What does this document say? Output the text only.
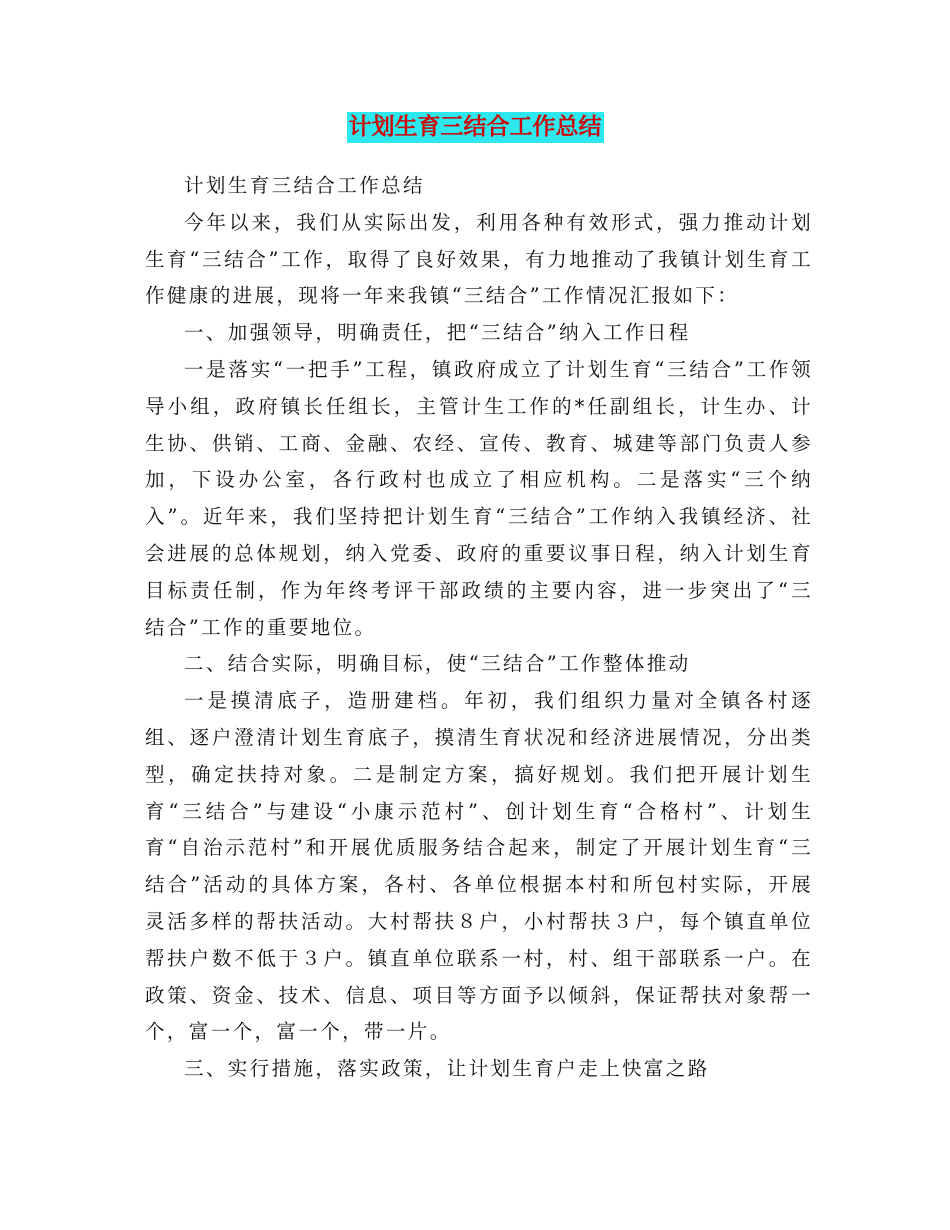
计划生育三结合工作总结

计划生育三结合工作总结

今年以来，我们从实际出发，利用各种有效形式，强力推动计划生育“三结合”工作，取得了良好效果，有力地推动了我镇计划生育工作健康的进展，现将一年来我镇“三结合”工作情况汇报如下：

一、加强领导，明确责任，把“三结合”纳入工作日程

一是落实“一把手”工程，镇政府成立了计划生育“三结合”工作领导小组，政府镇长任组长，主管计生工作的*任副组长，计生办、计生协、供销、工商、金融、农经、宣传、教育、城建等部门负责人参加，下设办公室，各行政村也成立了相应机构。二是落实“三个纳入”。近年来，我们坚持把计划生育“三结合”工作纳入我镇经济、社会进展的总体规划，纳入党委、政府的重要议事日程，纳入计划生育目标责任制，作为年终考评干部政绩的主要内容，进一步突出了“三结合”工作的重要地位。

二、结合实际，明确目标，使“三结合”工作整体推动

一是摸清底子，造册建档。年初，我们组织力量对全镇各村逐组、逐户澄清计划生育底子，摸清生育状况和经济进展情况，分出类型，确定扶持对象。二是制定方案，搞好规划。我们把开展计划生育“三结合”与建设“小康示范村”、创计划生育“合格村”、计划生育“自治示范村”和开展优质服务结合起来，制定了开展计划生育“三结合”活动的具体方案，各村、各单位根据本村和所包村实际，开展灵活多样的帮扶活动。大村帮扶８户，小村帮扶３户，每个镇直单位帮扶户数不低于３户。镇直单位联系一村，村、组干部联系一户。在政策、资金、技术、信息、项目等方面予以倾斜，保证帮扶对象帮一个，富一个，富一个，带一片。

三、实行措施，落实政策，让计划生育户走上快富之路
